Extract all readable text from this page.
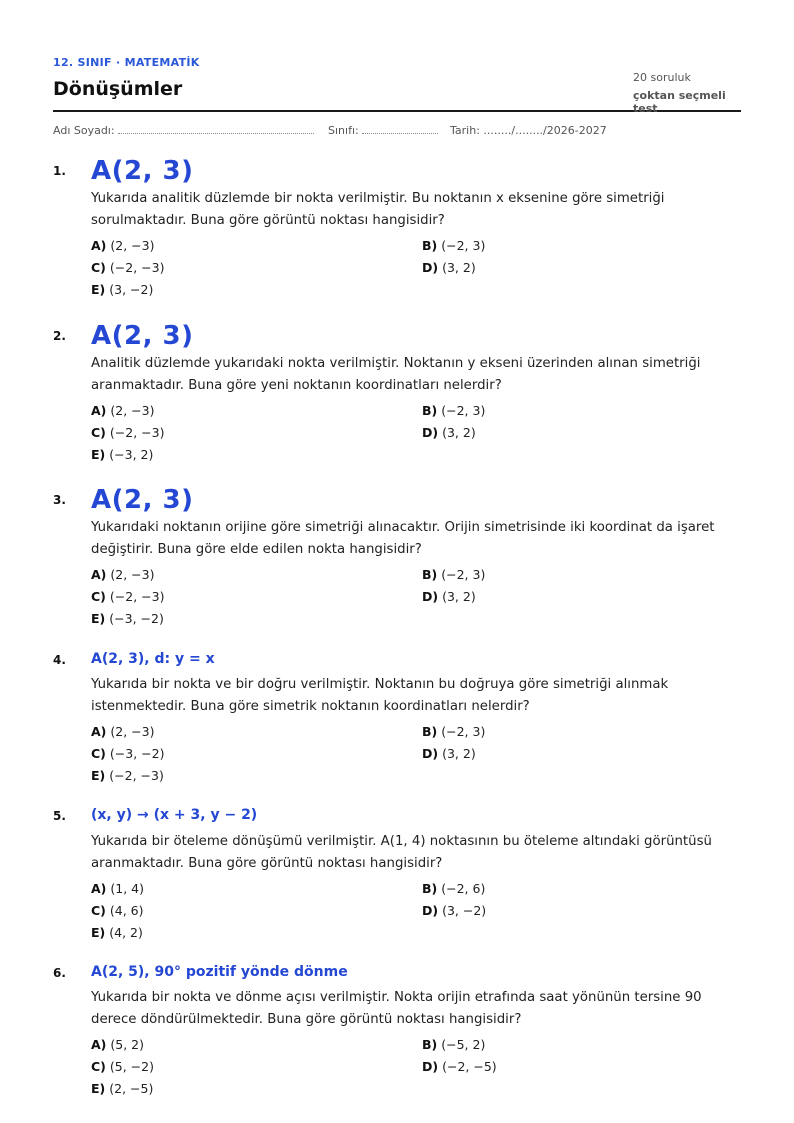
12. SINIF · MATEMATİK
Dönüşümler
20 soruluk
çoktan seçmeli test
Adı Soyadı:	Sınıfı:	Tarih: ......../......../2026-2027
1. A(2, 3)
Yukarıda analitik düzlemde bir nokta verilmiştir. Bu noktanın x eksenine göre simetriği sorulmaktadır. Buna göre görüntü noktası hangisidir?
A) (2, −3)	B) (−2, 3)
C) (−2, −3)	D) (3, 2)
E) (3, −2)
2. A(2, 3)
Analitik düzlemde yukarıdaki nokta verilmiştir. Noktanın y ekseni üzerinden alınan simetriği aranmaktadır. Buna göre yeni noktanın koordinatları nelerdir?
A) (2, −3)	B) (−2, 3)
C) (−2, −3)	D) (3, 2)
E) (−3, 2)
3. A(2, 3)
Yukarıdaki noktanın orijine göre simetriği alınacaktır. Orijin simetrisinde iki koordinat da işaret değiştirir. Buna göre elde edilen nokta hangisidir?
A) (2, −3)	B) (−2, 3)
C) (−2, −3)	D) (3, 2)
E) (−3, −2)
4. A(2, 3), d: y = x
Yukarıda bir nokta ve bir doğru verilmiştir. Noktanın bu doğruya göre simetriği alınmak istenmektedir. Buna göre simetrik noktanın koordinatları nelerdir?
A) (2, −3)	B) (−2, 3)
C) (−3, −2)	D) (3, 2)
E) (−2, −3)
5. (x, y) → (x + 3, y − 2)
Yukarıda bir öteleme dönüşümü verilmiştir. A(1, 4) noktasının bu öteleme altındaki görüntüsü aranmaktadır. Buna göre görüntü noktası hangisidir?
A) (1, 4)	B) (−2, 6)
C) (4, 6)	D) (3, −2)
E) (4, 2)
6. A(2, 5), 90° pozitif yönde dönme
Yukarıda bir nokta ve dönme açısı verilmiştir. Nokta orijin etrafında saat yönünün tersine 90 derece döndürülmektedir. Buna göre görüntü noktası hangisidir?
A) (5, 2)	B) (−5, 2)
C) (5, −2)	D) (−2, −5)
E) (2, −5)
